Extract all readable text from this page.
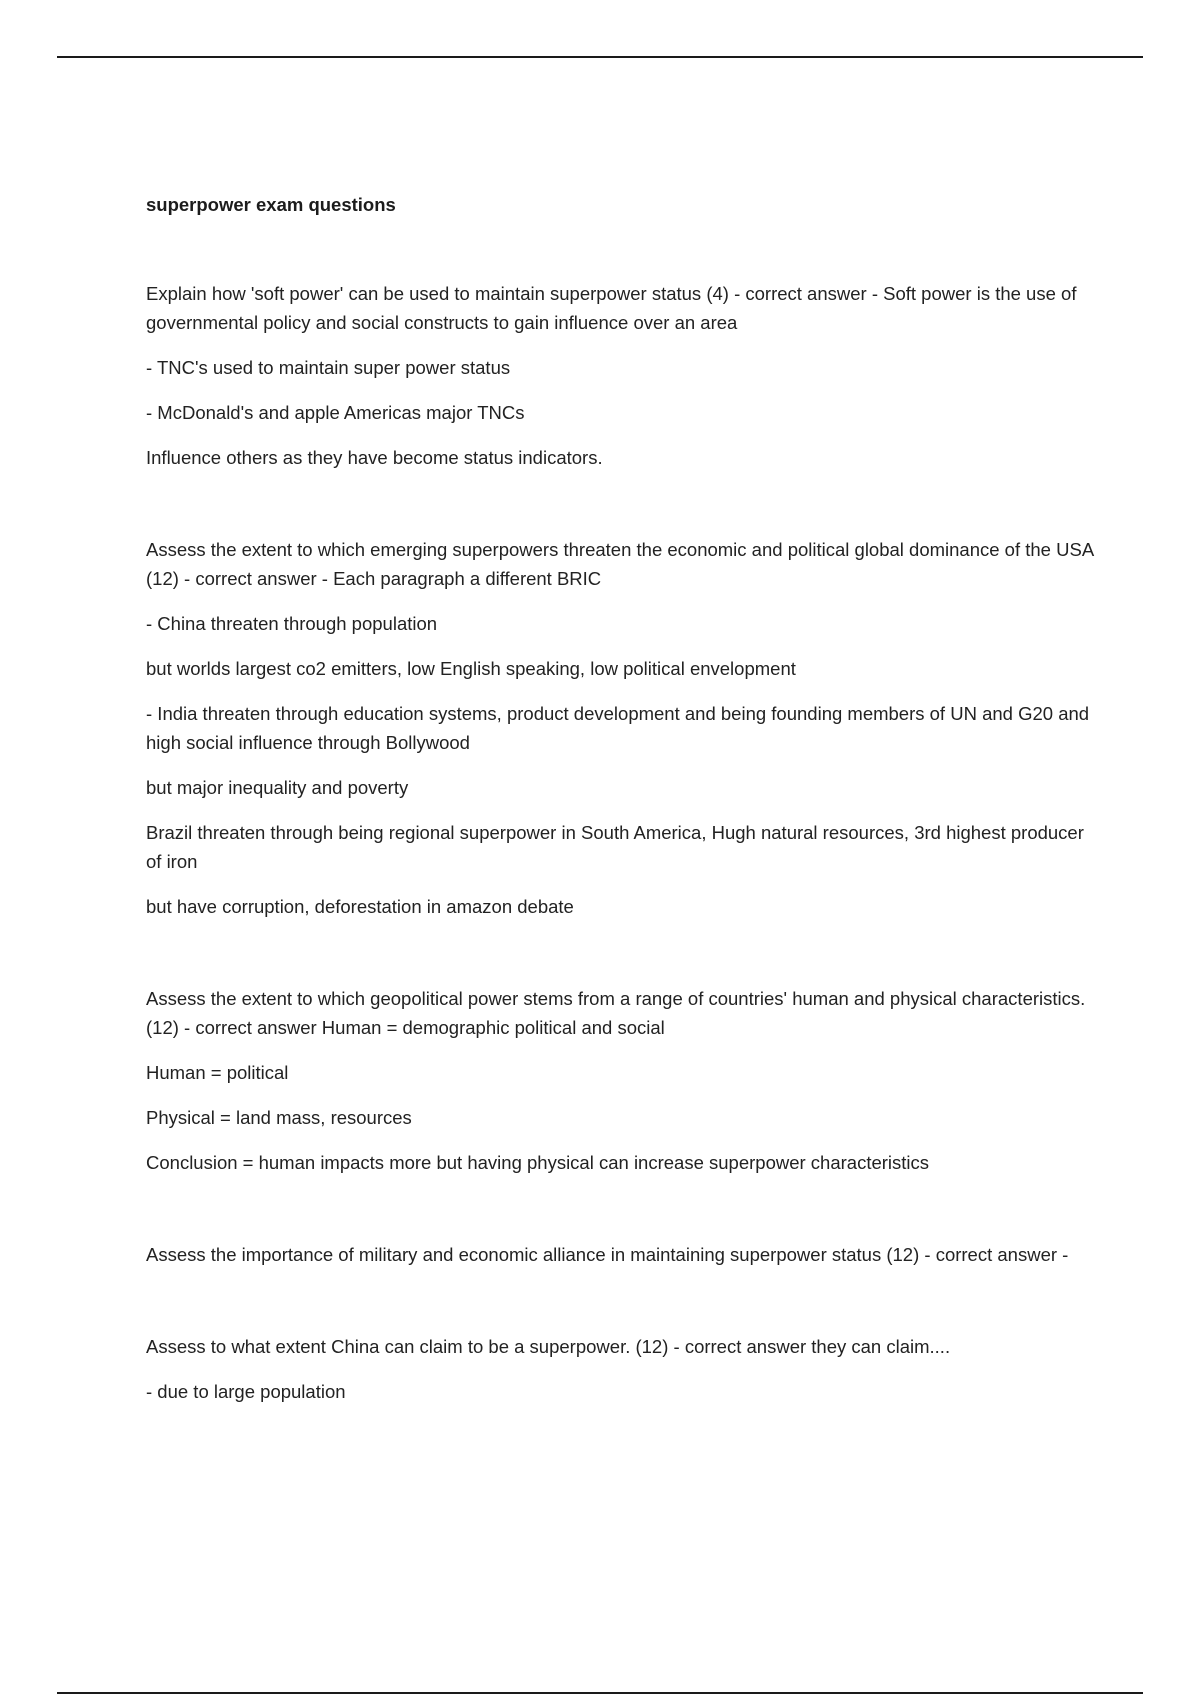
superpower exam questions

Explain how 'soft power' can be used to maintain superpower status (4) - correct answer - Soft power is the use of governmental policy and social constructs to gain influence over an area

- TNC's used to maintain super power status

- McDonald's and apple Americas major TNCs

Influence others as they have become status indicators.

Assess the extent to which emerging superpowers threaten the economic and political global dominance of the USA (12) - correct answer - Each paragraph a different BRIC

- China threaten through population

but worlds largest co2 emitters, low English speaking, low political envelopment

- India threaten through education systems, product development and being founding members of UN and G20 and high social influence through Bollywood

but major inequality and poverty

Brazil threaten through being regional superpower in South America, Hugh natural resources, 3rd highest producer of iron

but have corruption, deforestation in amazon debate

Assess the extent to which geopolitical power stems from a range of countries' human and physical characteristics. (12) - correct answer Human = demographic political and social

Human = political

Physical = land mass, resources

Conclusion = human impacts more but having physical can increase superpower characteristics

Assess the importance of military and economic alliance in maintaining superpower status (12) - correct answer -

Assess to what extent China can claim to be a superpower. (12) - correct answer they can claim....

- due to large population
